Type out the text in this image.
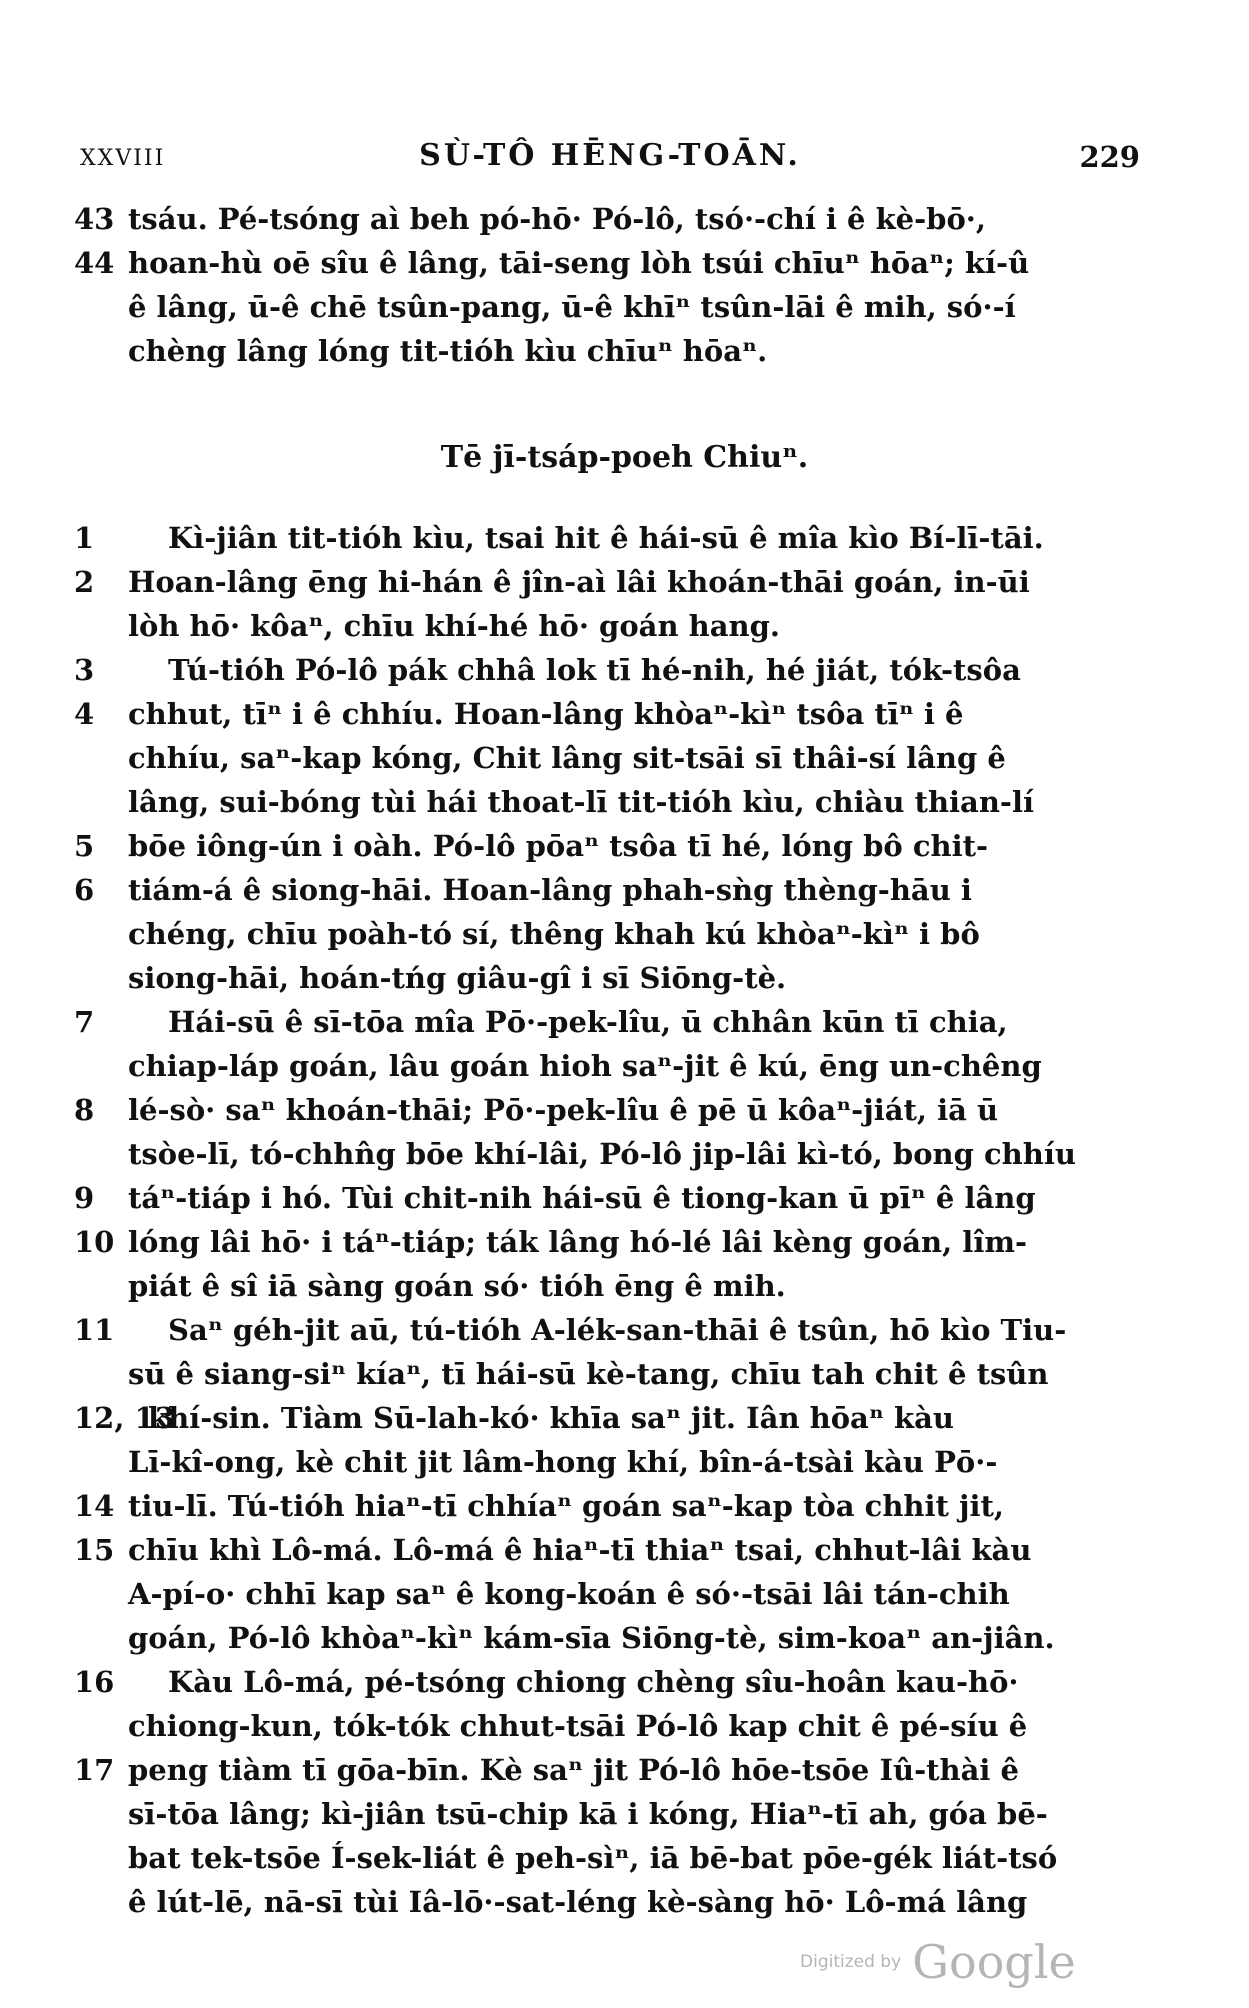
XXVIII	SÙ-TÔ HĒNG-TOĀN.	229
43 tsáu. Pé-tsóng aì beh pó-hō· Pó-lô, tsó·-chí i ê kè-bō·,
44 hoan-hù oē sîu ê lâng, tāi-seng lòh tsúi chīuⁿ hōaⁿ; kí-û
ê lâng, ū-ê chē tsûn-pang, ū-ê khīⁿ tsûn-lāi ê mih, só·-í
chèng lâng lóng tit-tióh kìu chīuⁿ hōaⁿ.
Tē jī-tsáp-poeh Chiuⁿ.
1	Kì-jiân tit-tióh kìu, tsai hit ê hái-sū ê mîa kìo Bí-lī-tāi.
2 Hoan-lâng ēng hi-hán ê jîn-aì lâi khoán-thāi goán, in-ūi
lòh hō· kôaⁿ, chīu khí-hé hō· goán hang.
3	Tú-tióh Pó-lô pák chhâ lok tī hé-nih, hé jiát, tók-tsôa
4 chhut, tīⁿ i ê chhíu. Hoan-lâng khòaⁿ-kìⁿ tsôa tīⁿ i ê
chhíu, saⁿ-kap kóng, Chit lâng sit-tsāi sī thâi-sí lâng ê
lâng, sui-bóng tùi hái thoat-lī tit-tióh kìu, chiàu thian-lí
5 bōe iông-ún i oàh. Pó-lô pōaⁿ tsôa tī hé, lóng bô chit-
6 tiám-á ê siong-hāi. Hoan-lâng phah-sǹg thèng-hāu i
chéng, chīu poàh-tó sí, thêng khah kú khòaⁿ-kìⁿ i bô
siong-hāi, hoán-tńg giâu-gî i sī Siōng-tè.
7	Hái-sū ê sī-tōa mîa Pō·-pek-lîu, ū chhân kūn tī chia,
chiap-láp goán, lâu goán hioh saⁿ-jit ê kú, ēng un-chêng
8 lé-sò· saⁿ khoán-thāi; Pō·-pek-lîu ê pē ū kôaⁿ-jiát, iā ū
tsòe-lī, tó-chhn̂g bōe khí-lâi, Pó-lô jip-lâi kì-tó, bong chhíu
9 táⁿ-tiáp i hó. Tùi chit-nih hái-sū ê tiong-kan ū pīⁿ ê lâng
10 lóng lâi hō· i táⁿ-tiáp; ták lâng hó-lé lâi kèng goán, lîm-
piát ê sî iā sàng goán só· tióh ēng ê mih.
11 Saⁿ géh-jit aū, tú-tióh A-lék-san-thāi ê tsûn, hō kìo Tiu-
sū ê siang-siⁿ kíaⁿ, tī hái-sū kè-tang, chīu tah chit ê tsûn
12, 13
khí-sin. Tiàm Sū-lah-kó· khīa saⁿ jit. Iân hōaⁿ kàu
Lī-kî-ong, kè chit jit lâm-hong khí, bîn-á-tsài kàu Pō·-
14 tiu-lī. Tú-tióh hiaⁿ-tī chhíaⁿ goán saⁿ-kap tòa chhit jit,
15 chīu khì Lô-má. Lô-má ê hiaⁿ-tī thiaⁿ tsai, chhut-lâi kàu
A-pí-o· chhī kap saⁿ ê kong-koán ê só·-tsāi lâi tán-chih
goán, Pó-lô khòaⁿ-kìⁿ kám-sīa Siōng-tè, sim-koaⁿ an-jiân.
16 Kàu Lô-má, pé-tsóng chiong chèng sîu-hoân kau-hō·
chiong-kun, tók-tók chhut-tsāi Pó-lô kap chit ê pé-síu ê
17 peng tiàm tī gōa-bīn. Kè saⁿ jit Pó-lô hōe-tsōe Iû-thài ê
sī-tōa lâng; kì-jiân tsū-chip kā i kóng, Hiaⁿ-tī ah, góa bē-
bat tek-tsōe Í-sek-liát ê peh-sìⁿ, iā bē-bat pōe-gék liát-tsó
ê lút-lē, nā-sī tùi Iâ-lō·-sat-léng kè-sàng hō· Lô-má lâng
Digitized by Google
